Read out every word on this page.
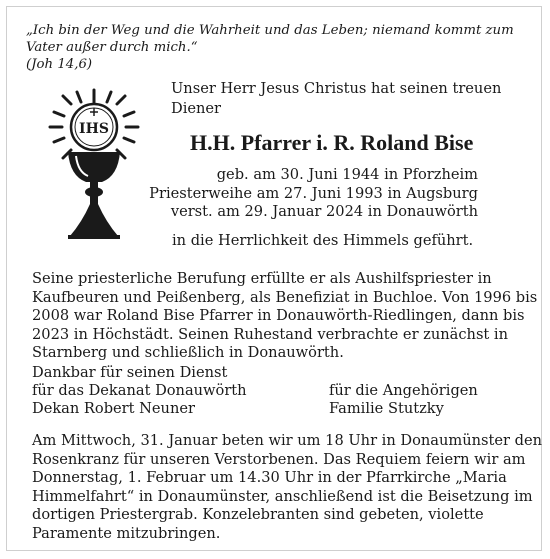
„Ich bin der Weg und die Wahrheit und das Leben; niemand kommt zum
Vater außer durch mich.“
(Joh 14,6)
IHS
Unser Herr Jesus Christus hat seinen treuen
Diener
H.H. Pfarrer i. R. Roland Bise
geb. am 30. Juni 1944 in Pforzheim
Priesterweihe am 27. Juni 1993 in Augsburg
verst. am 29. Januar 2024 in Donauwörth
in die Herrlichkeit des Himmels geführt.
Seine priesterliche Berufung erfüllte er als Aushilfspriester in
Kaufbeuren und Peißenberg, als Benefiziat in Buchloe. Von 1996 bis
2008 war Roland Bise Pfarrer in Donauwörth-Riedlingen, dann bis
2023 in Höchstädt. Seinen Ruhestand verbrachte er zunächst in
Starnberg und schließlich in Donauwörth.
Dankbar für seinen Dienst
für das Dekanat Donauwörth
Dekan Robert Neuner
für die Angehörigen
Familie Stutzky
Am Mittwoch, 31. Januar beten wir um 18 Uhr in Donaumünster den
Rosenkranz für unseren Verstorbenen. Das Requiem feiern wir am
Donnerstag, 1. Februar um 14.30 Uhr in der Pfarrkirche „Maria
Himmelfahrt“ in Donaumünster, anschließend ist die Beisetzung im
dortigen Priestergrab. Konzelebranten sind gebeten, violette
Paramente mitzubringen.
